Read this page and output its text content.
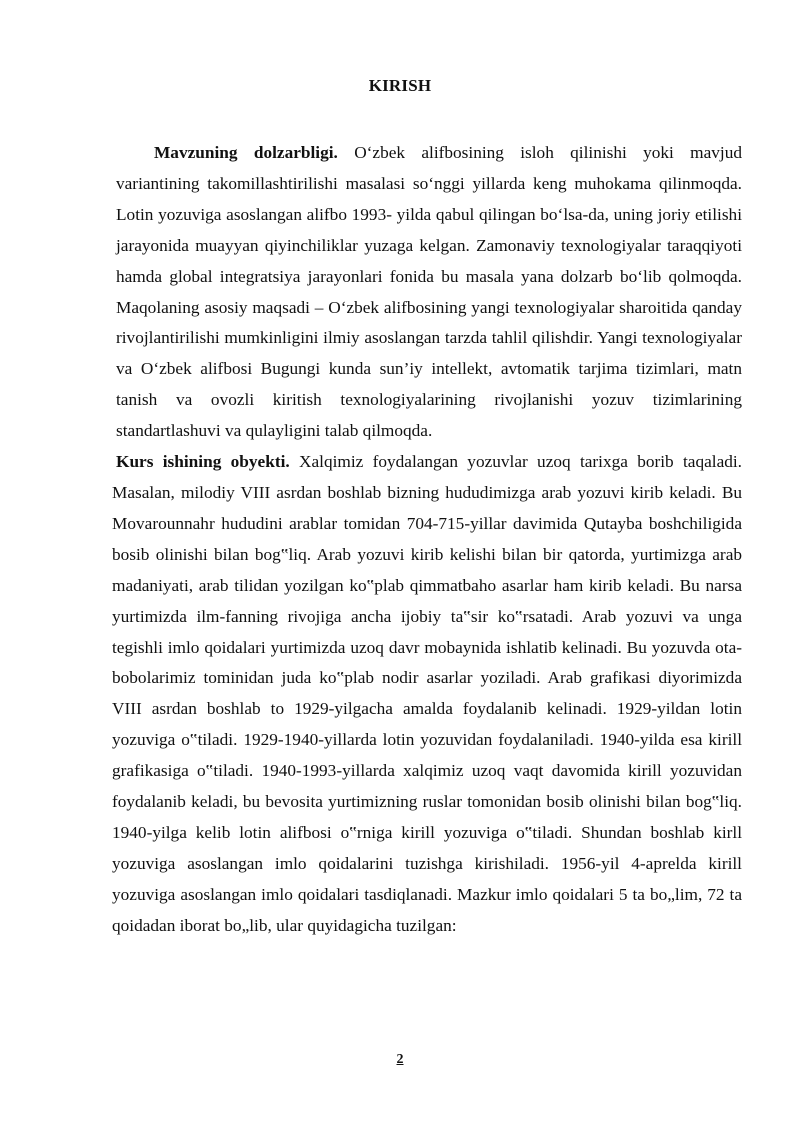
KIRISH

Mavzuning dolzarbligi. O‘zbek alifbosining isloh qilinishi yoki mavjud variantining takomillashtirilishi masalasi so‘nggi yillarda keng muhokama qilinmoqda. Lotin yozuviga asoslangan alifbo 1993- yilda qabul qilingan bo‘lsa-da, uning joriy etilishi jarayonida muayyan qiyinchiliklar yuzaga kelgan. Zamonaviy texnologiyalar taraqqiyoti hamda global integratsiya jarayonlari fonida bu masala yana dolzarb bo‘lib qolmoqda. Maqolaning asosiy maqsadi – O‘zbek alifbosining yangi texnologiyalar sharoitida qanday rivojlantirilishi mumkinligini ilmiy asoslangan tarzda tahlil qilishdir. Yangi texnologiyalar va O‘zbek alifbosi Bugungi kunda sun’iy intellekt, avtomatik tarjima tizimlari, matn tanish va ovozli kiritish texnologiyalarining rivojlanishi yozuv tizimlarining standartlashuvi va qulayligini talab qilmoqda.

Kurs ishining obyekti. Xalqimiz foydalangan yozuvlar uzoq tarixga borib taqaladi. Masalan, milodiy VIII asrdan boshlab bizning hududimizga arab yozuvi kirib keladi. Bu Movarounnahr hududini arablar tomidan 704-715-yillar davimida Qutayba boshchiligida bosib olinishi bilan bog‟liq. Arab yozuvi kirib kelishi bilan bir qatorda, yurtimizga arab madaniyati, arab tilidan yozilgan ko‟plab qimmatbaho asarlar ham kirib keladi. Bu narsa yurtimizda ilm-fanning rivojiga ancha ijobiy ta‟sir ko‟rsatadi. Arab yozuvi va unga tegishli imlo qoidalari yurtimizda uzoq davr mobaynida ishlatib kelinadi. Bu yozuvda ota-bobolarimiz tominidan juda ko‟plab nodir asarlar yoziladi. Arab grafikasi diyorimizda VIII asrdan boshlab to 1929-yilgacha amalda foydalanib kelinadi. 1929-yildan lotin yozuviga o‟tiladi. 1929-1940-yillarda lotin yozuvidan foydalaniladi. 1940-yilda esa kirill grafikasiga o‟tiladi. 1940-1993-yillarda xalqimiz uzoq vaqt davomida kirill yozuvidan foydalanib keladi, bu bevosita yurtimizning ruslar tomonidan bosib olinishi bilan bog‟liq. 1940-yilga kelib lotin alifbosi o‟rniga kirill yozuviga o‟tiladi. Shundan boshlab kirll yozuviga asoslangan imlo qoidalarini tuzishga kirishiladi. 1956-yil 4-aprelda kirill yozuviga asoslangan imlo qoidalari tasdiqlanadi. Mazkur imlo qoidalari 5 ta bo„lim, 72 ta qoidadan iborat bo„lib, ular quyidagicha tuzilgan:

2
